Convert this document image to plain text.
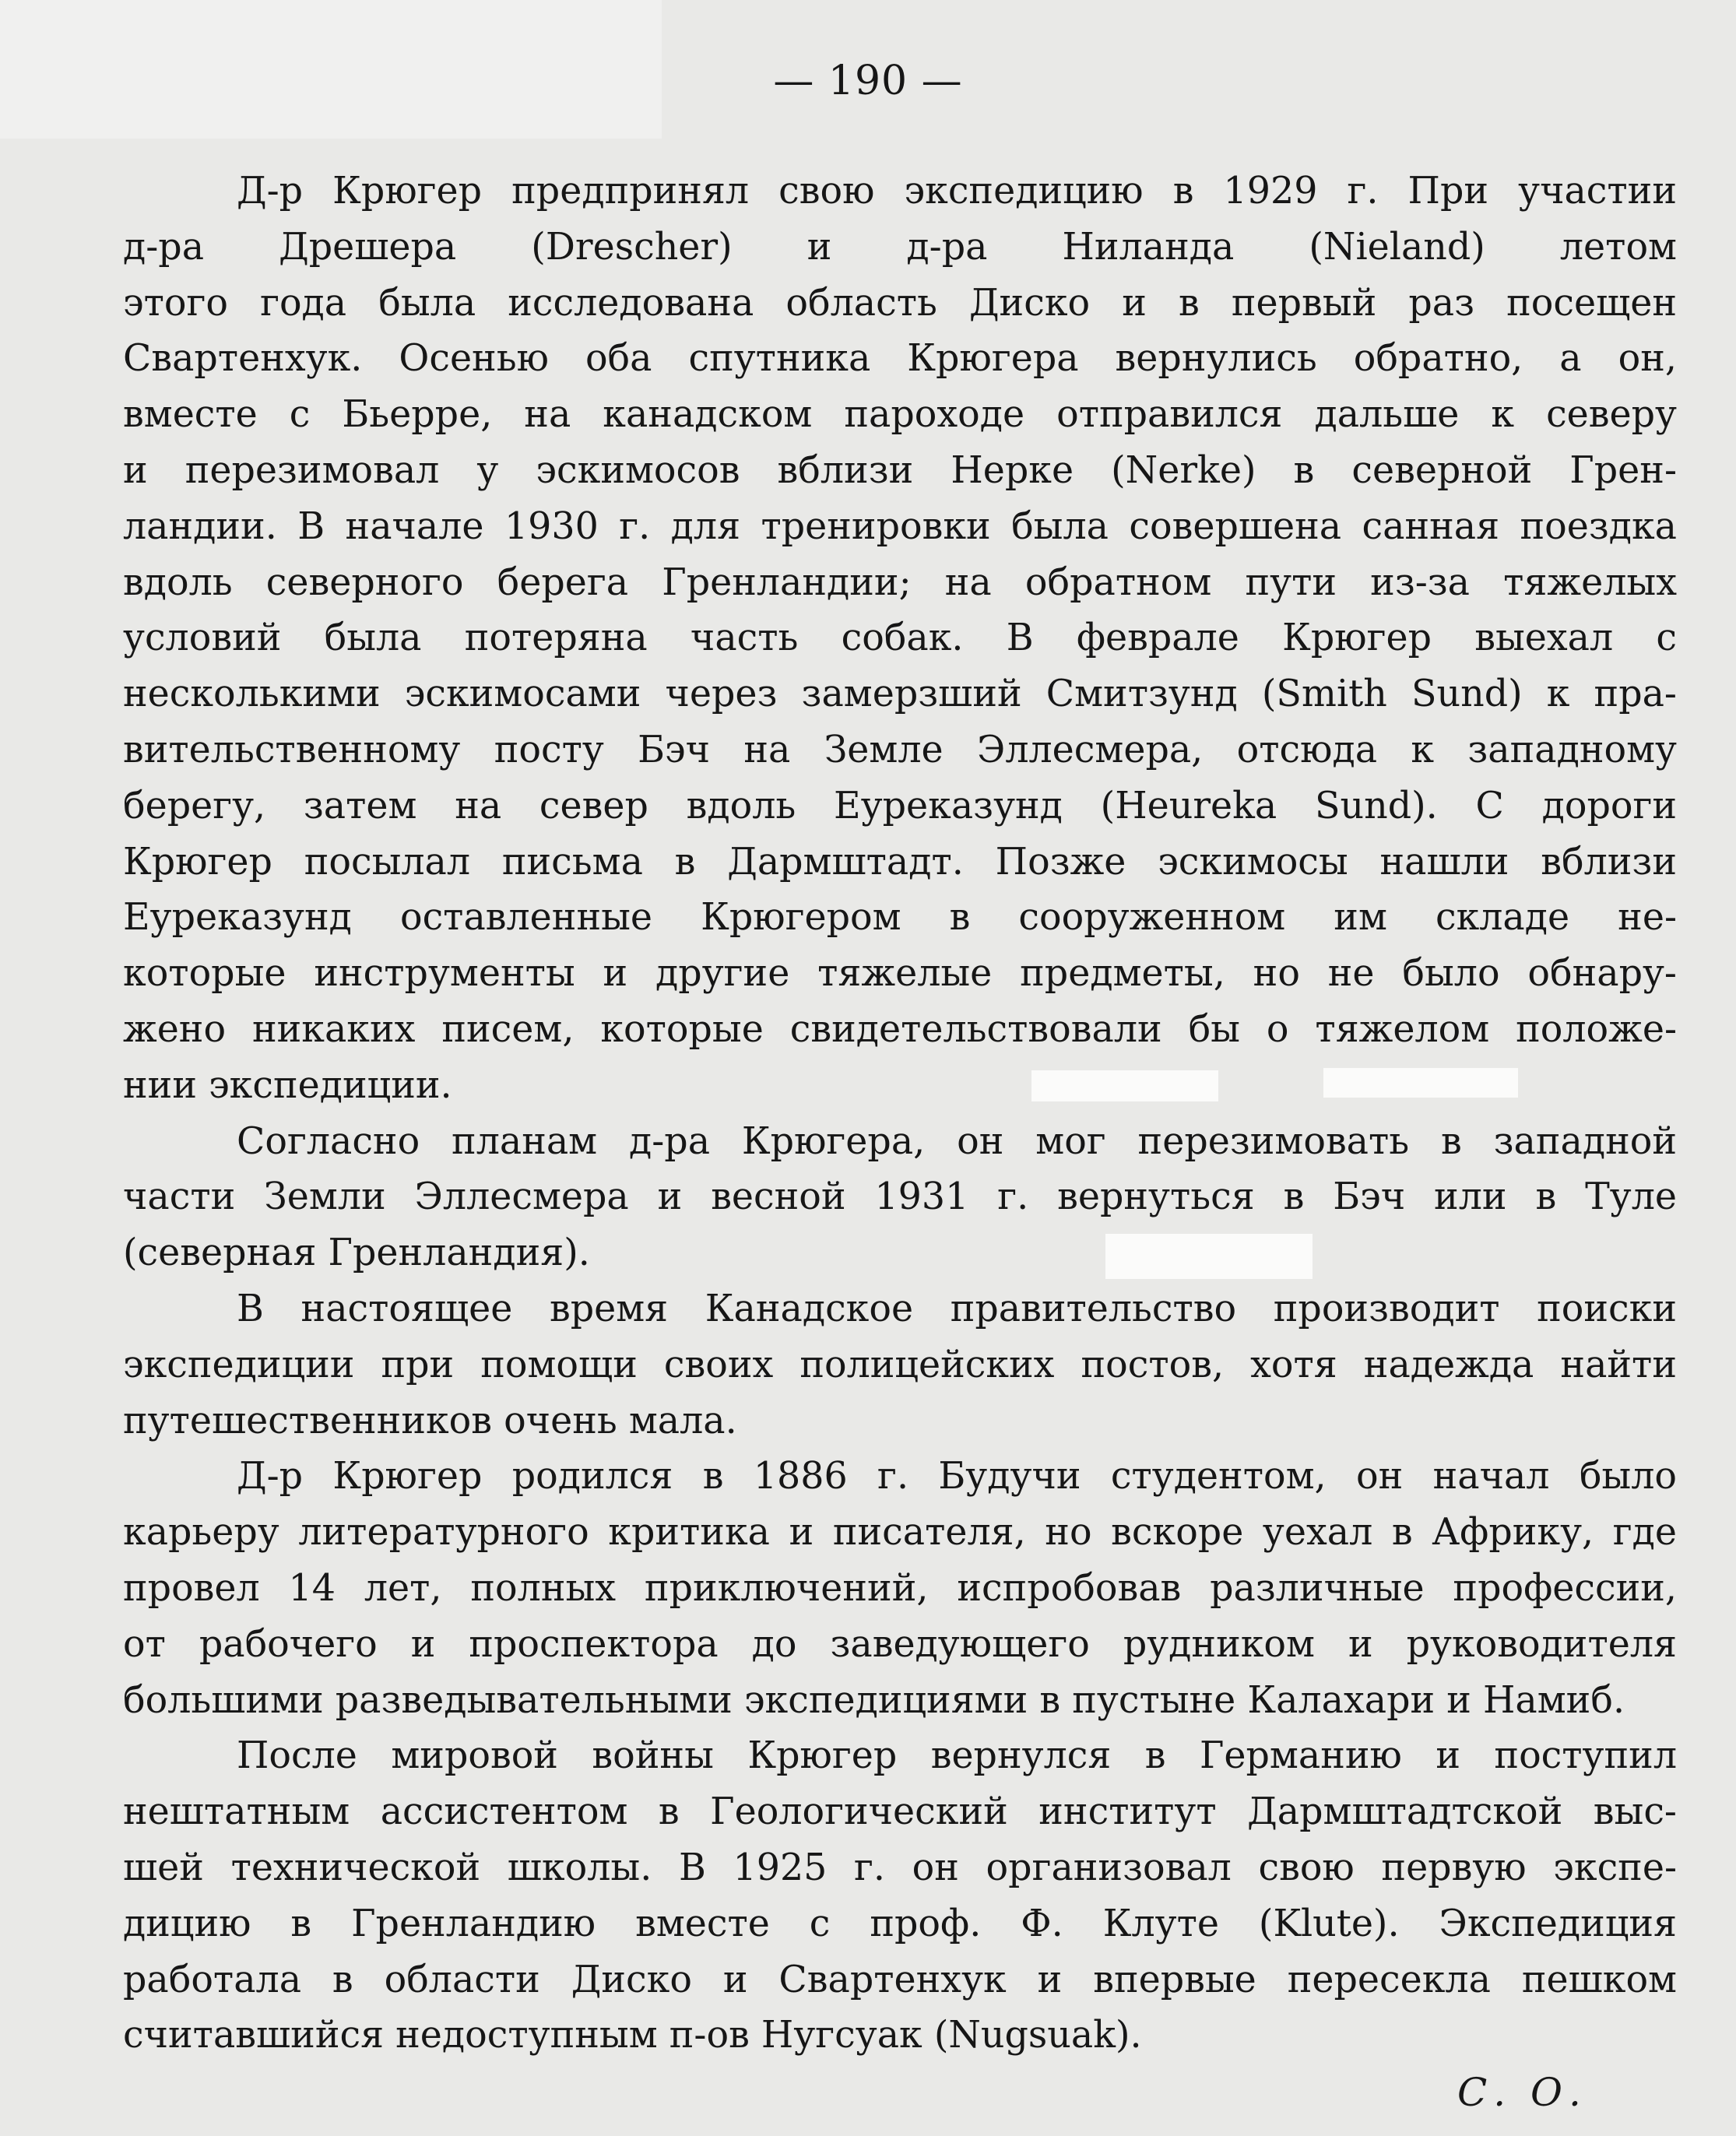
— 190 —

Д-р Крюгер предпринял свою экспедицию в 1929 г. При участии
д-ра Дрешера (Drescher) и д-ра Ниланда (Nieland) летом
этого года была исследована область Диско и в первый раз посещен
Свартенхук. Осенью оба спутника Крюгера вернулись обратно, а он,
вместе с Бьерре, на канадском пароходе отправился дальше к северу
и перезимовал у эскимосов вблизи Нерке (Nerke) в северной Грен-
ландии. В начале 1930 г. для тренировки была совершена санная поездка
вдоль северного берега Гренландии; на обратном пути из-за тяжелых
условий была потеряна часть собак. В феврале Крюгер выехал с
несколькими эскимосами через замерзший Смитзунд (Smith Sund) к пра-
вительственному посту Бэч на Земле Эллесмера, отсюда к западному
берегу, затем на север вдоль Еуреказунд (Heureka Sund). С дороги
Крюгер посылал письма в Дармштадт. Позже эскимосы нашли вблизи
Еуреказунд оставленные Крюгером в сооруженном им складе не-
которые инструменты и другие тяжелые предметы, но не было обнару-
жено никаких писем, которые свидетельствовали бы о тяжелом положе-
нии экспедиции.

Согласно планам д-ра Крюгера, он мог перезимовать в западной
части Земли Эллесмера и весной 1931 г. вернуться в Бэч или в Туле
(северная Гренландия).

В настоящее время Канадское правительство производит поиски
экспедиции при помощи своих полицейских постов, хотя надежда найти
путешественников очень мала.

Д-р Крюгер родился в 1886 г. Будучи студентом, он начал было
карьеру литературного критика и писателя, но вскоре уехал в Африку, где
провел 14 лет, полных приключений, испробовав различные профессии,
от рабочего и проспектора до заведующего рудником и руководителя
большими разведывательными экспедициями в пустыне Калахари и Намиб.

После мировой войны Крюгер вернулся в Германию и поступил
нештатным ассистентом в Геологический институт Дармштадтской выс-
шей технической школы. В 1925 г. он организовал свою первую экспе-
дицию в Гренландию вместе с проф. Ф. Клуте (Klute). Экспедиция
работала в области Диско и Свартенхук и впервые пересекла пешком
считавшийся недоступным п-ов Нугсуак (Nugsuak).

С. О.
